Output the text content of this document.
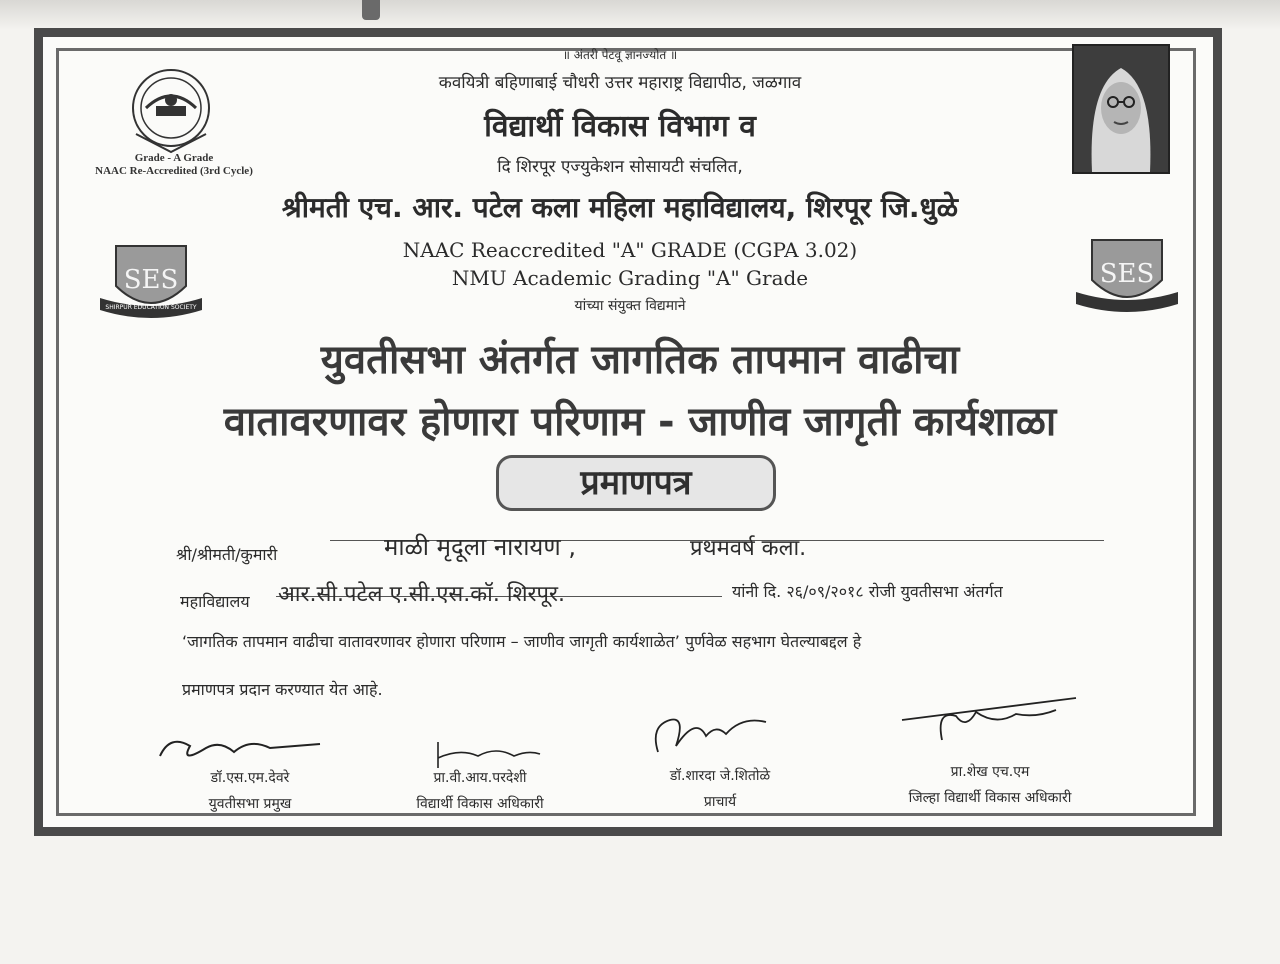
Grade - A Grade
NAAC Re-Accredited (3rd Cycle)
SES
SHIRPUR EDUCATION SOCIETY
SES
॥ अंतरी पेटवू ज्ञानज्योत ॥
कवयित्री बहिणाबाई चौधरी उत्तर महाराष्ट्र विद्यापीठ, जळगाव
विद्यार्थी विकास विभाग व
दि शिरपूर एज्युकेशन सोसायटी संचलित,
श्रीमती एच. आर. पटेल कला महिला महाविद्यालय, शिरपूर जि.धुळे
NAAC Reaccredited "A" GRADE (CGPA 3.02)
NMU Academic Grading "A" Grade
यांच्या संयुक्त विद्यमाने
युवतीसभा अंतर्गत जागतिक तापमान वाढीचा
वातावरणावर होणारा परिणाम - जाणीव जागृती कार्यशाळा
प्रमाणपत्र
श्री/श्रीमती/कुमारी	माळी मृदूला नारायण ,	प्रथमवर्ष कला.
महाविद्यालय आर.सी.पटेल ए.सी.एस.कॉ. शिरपूर.	यांनी दि. २६/०९/२०१८ रोजी युवतीसभा अंतर्गत
‘जागतिक तापमान वाढीचा वातावरणावर होणारा परिणाम – जाणीव जागृती कार्यशाळेत’ पुर्णवेळ सहभाग घेतल्याबद्दल हे
प्रमाणपत्र प्रदान करण्यात येत आहे.
डॉ.एस.एम.देवरे
युवतीसभा प्रमुख
प्रा.वी.आय.परदेशी
विद्यार्थी विकास अधिकारी
डॉ.शारदा जे.शितोळे
प्राचार्य
प्रा.शेख एच.एम
जिल्हा विद्यार्थी विकास अधिकारी
